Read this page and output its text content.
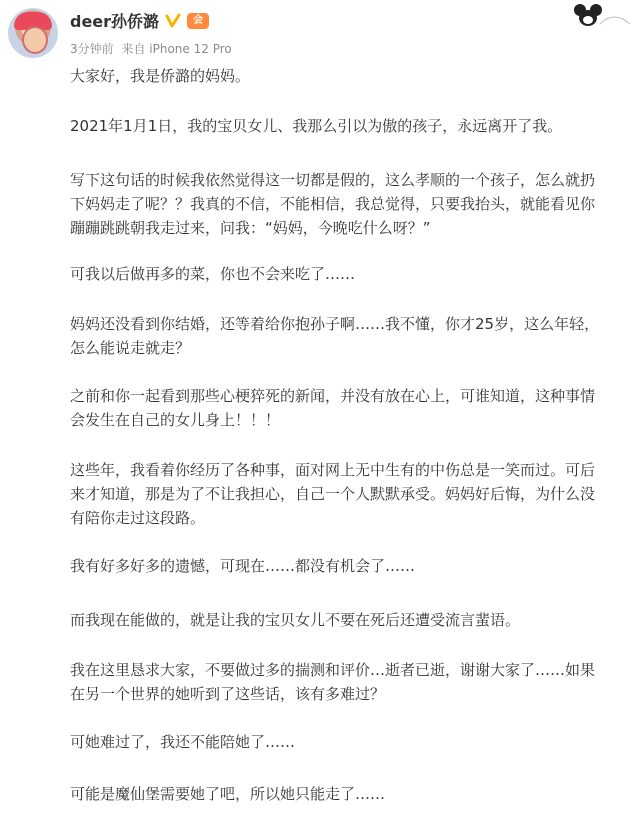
deer孙侨潞	会
3分钟前 来自 iPhone 12 Pro

大家好，我是侨潞的妈妈。

2021年1月1日，我的宝贝女儿、我那么引以为傲的孩子，永远离开了我。

写下这句话的时候我依然觉得这一切都是假的，这么孝顺的一个孩子，怎么就扔
下妈妈走了呢？？我真的不信，不能相信，我总觉得，只要我抬头，就能看见你
蹦蹦跳跳朝我走过来，问我：“妈妈，今晚吃什么呀？”

可我以后做再多的菜，你也不会来吃了……

妈妈还没看到你结婚，还等着给你抱孙子啊……我不懂，你才25岁，这么年轻，
怎么能说走就走？

之前和你一起看到那些心梗猝死的新闻，并没有放在心上，可谁知道，这种事情
会发生在自己的女儿身上！！！

这些年，我看着你经历了各种事，面对网上无中生有的中伤总是一笑而过。可后
来才知道，那是为了不让我担心，自己一个人默默承受。妈妈好后悔，为什么没
有陪你走过这段路。

我有好多好多的遗憾，可现在……都没有机会了……

而我现在能做的，就是让我的宝贝女儿不要在死后还遭受流言蜚语。

我在这里恳求大家，不要做过多的揣测和评价…逝者已逝，谢谢大家了……如果
在另一个世界的她听到了这些话，该有多难过？

可她难过了，我还不能陪她了……

可能是魔仙堡需要她了吧，所以她只能走了……
